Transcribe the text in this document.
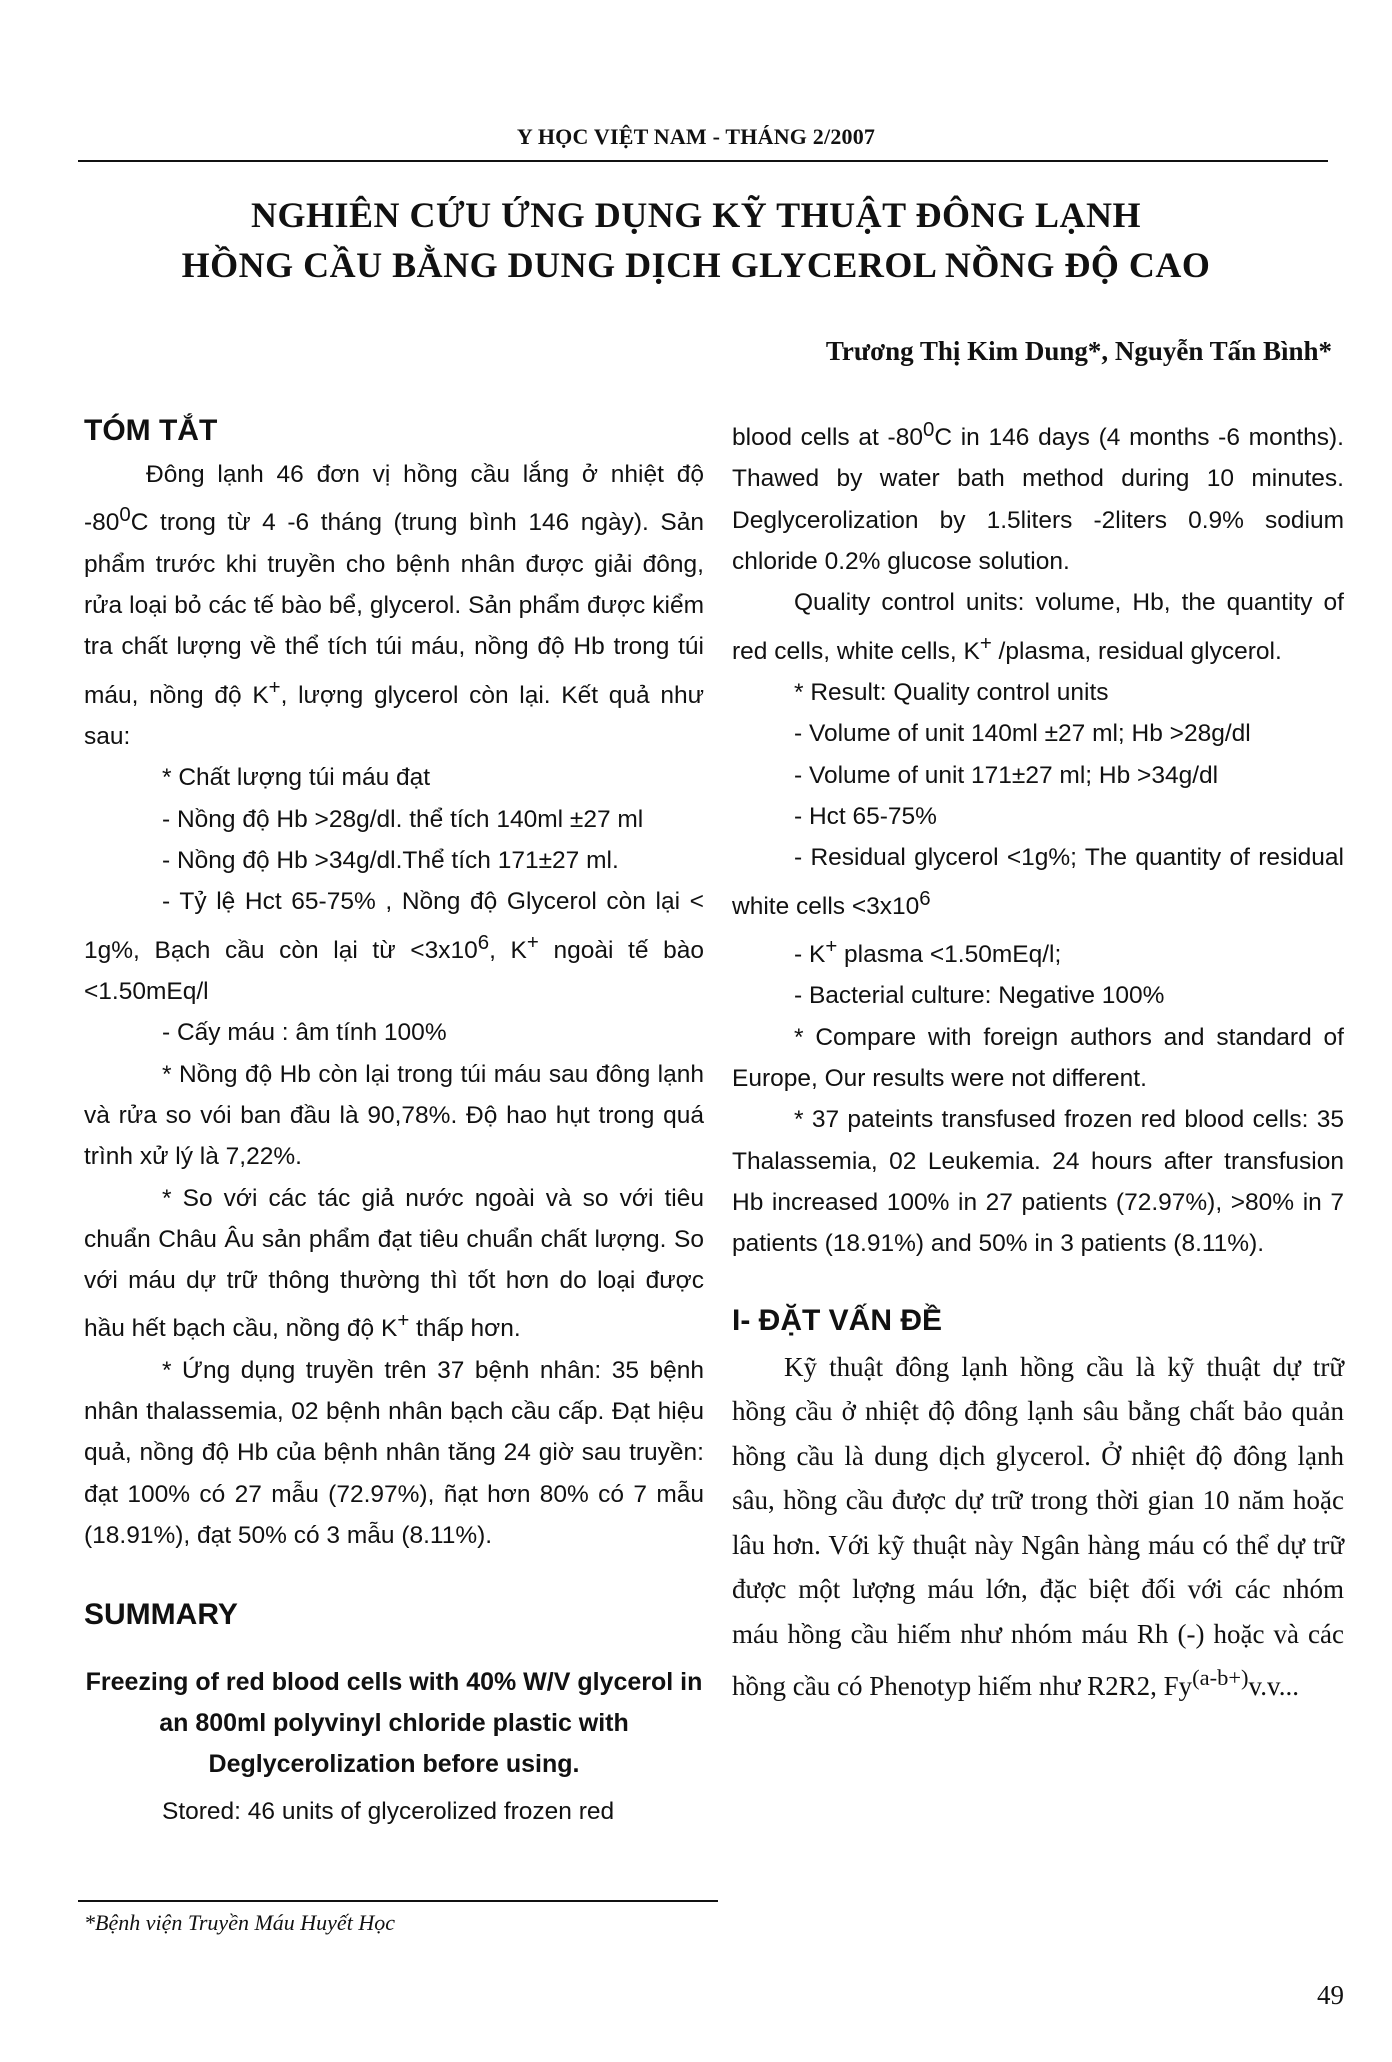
Y HỌC VIỆT NAM - THÁNG 2/2007
NGHIÊN CỨU ỨNG DỤNG KỸ THUẬT ĐÔNG LẠNH
HỒNG CẦU BẰNG DUNG DỊCH GLYCEROL NỒNG ĐỘ CAO
Trương Thị Kim Dung*, Nguyễn Tấn Bình*

TÓM TẮT

Đông lạnh 46 đơn vị hồng cầu lắng ở nhiệt độ $-80^0C$ trong từ 4 -6 tháng (trung bình 146 ngày). Sản phẩm trước khi truyền cho bệnh nhân được giải đông, rửa loại bỏ các tế bào bể, glycerol. Sản phẩm được kiểm tra chất lượng về thể tích túi máu, nồng độ Hb trong túi máu, nồng độ K+, lượng glycerol còn lại. Kết quả như sau:

* Chất lượng túi máu đạt

- Nồng độ Hb >28g/dl. thể tích 140ml ±27 ml

- Nồng độ Hb >34g/dl.Thể tích 171±27 ml.

- Tỷ lệ Hct 65-75% , Nồng độ Glycerol còn lại < 1g%, Bạch cầu còn lại từ $<3x10^6$, K+ ngoài tế bào <1.50mEq/l

- Cấy máu : âm tính 100%

* Nồng độ Hb còn lại trong túi máu sau đông lạnh và rửa so vói ban đầu là 90,78%. Độ hao hụt trong quá trình xử lý là 7,22%.

* So với các tác giả nước ngoài và so với tiêu chuẩn Châu Âu sản phẩm đạt tiêu chuẩn chất lượng. So với máu dự trữ thông thường thì tốt hơn do loại được hầu hết bạch cầu, nồng độ K+ thấp hơn.

* Ứng dụng truyền trên 37 bệnh nhân: 35 bệnh nhân thalassemia, 02 bệnh nhân bạch cầu cấp. Đạt hiệu quả, nồng độ Hb của bệnh nhân tăng 24 giờ sau truyền: đạt 100% có 27 mẫu (72.97%), ñạt hơn 80% có 7 mẫu (18.91%), đạt 50% có 3 mẫu (8.11%).

SUMMARY

Freezing of red blood cells with 40% W/V glycerol in an 800ml polyvinyl chloride plastic with Deglycerolization before using.

Stored: 46 units of glycerolized frozen red

blood cells at $-80^0C$ in 146 days (4 months -6 months). Thawed by water bath method during 10 minutes. Deglycerolization by 1.5liters -2liters 0.9% sodium chloride 0.2% glucose solution.

Quality control units: volume, Hb, the quantity of red cells, white cells, K+ /plasma, residual glycerol.

* Result: Quality control units

- Volume of unit 140ml ±27 ml; Hb >28g/dl

- Volume of unit 171±27 ml; Hb >34g/dl

- Hct 65-75%

- Residual glycerol <1g%; The quantity of residual white cells $<3x10^6$

- K+ plasma <1.50mEq/l;

- Bacterial culture: Negative 100%

* Compare with foreign authors and standard of Europe, Our results were not different.

* 37 pateints transfused frozen red blood cells: 35 Thalassemia, 02 Leukemia. 24 hours after transfusion Hb increased 100% in 27 patients (72.97%), >80% in 7 patients (18.91%) and 50% in 3 patients (8.11%).

I- ĐẶT VẤN ĐỀ

Kỹ thuật đông lạnh hồng cầu là kỹ thuật dự trữ hồng cầu ở nhiệt độ đông lạnh sâu bằng chất bảo quản hồng cầu là dung dịch glycerol. Ở nhiệt độ đông lạnh sâu, hồng cầu được dự trữ trong thời gian 10 năm hoặc lâu hơn. Với kỹ thuật này Ngân hàng máu có thể dự trữ được một lượng máu lớn, đặc biệt đối với các nhóm máu hồng cầu hiếm như nhóm máu Rh (-) hoặc và các hồng cầu có Phenotyp hiếm như R2R2, $Fy^{(a-b+)}v.v$...

*Bệnh viện Truyền Máu Huyết Học
49
